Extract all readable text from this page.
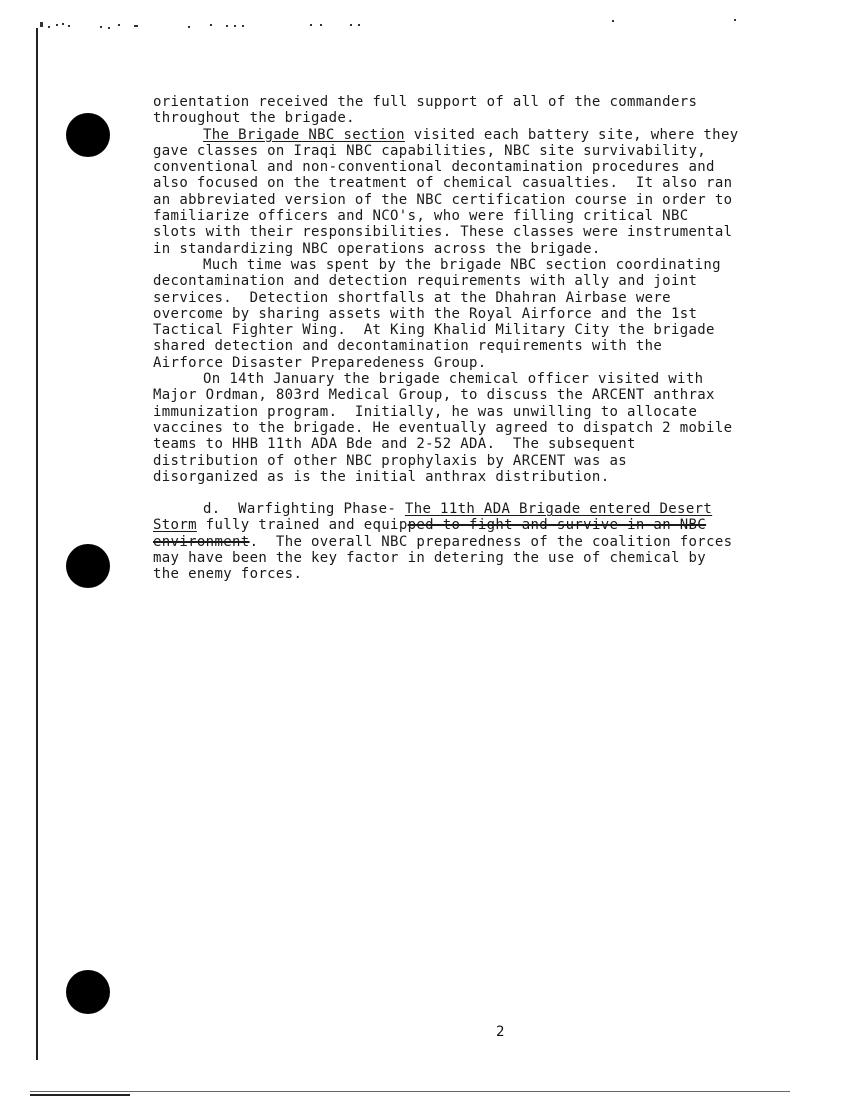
orientation received the full support of all of the commanders
throughout the brigade.
The Brigade NBC section visited each battery site, where they
gave classes on Iraqi NBC capabilities, NBC site survivability,
conventional and non-conventional decontamination procedures and
also focused on the treatment of chemical casualties.  It also ran
an abbreviated version of the NBC certification course in order to
familiarize officers and NCO's, who were filling critical NBC
slots with their responsibilities. These classes were instrumental
in standardizing NBC operations across the brigade.
Much time was spent by the brigade NBC section coordinating
decontamination and detection requirements with ally and joint
services.  Detection shortfalls at the Dhahran Airbase were
overcome by sharing assets with the Royal Airforce and the 1st
Tactical Fighter Wing.  At King Khalid Military City the brigade
shared detection and decontamination requirements with the
Airforce Disaster Preparedeness Group.
On 14th January the brigade chemical officer visited with
Major Ordman, 803rd Medical Group, to discuss the ARCENT anthrax
immunization program.  Initially, he was unwilling to allocate
vaccines to the brigade. He eventually agreed to dispatch 2 mobile
teams to HHB 11th ADA Bde and 2-52 ADA.  The subsequent
distribution of other NBC prophylaxis by ARCENT was as
disorganized as is the initial anthrax distribution.
d.  Warfighting Phase- The 11th ADA Brigade entered Desert
Storm fully trained and equipped to fight and survive in an NBC
environment.  The overall NBC preparedness of the coalition forces
may have been the key factor in detering the use of chemical by
the enemy forces.
2
